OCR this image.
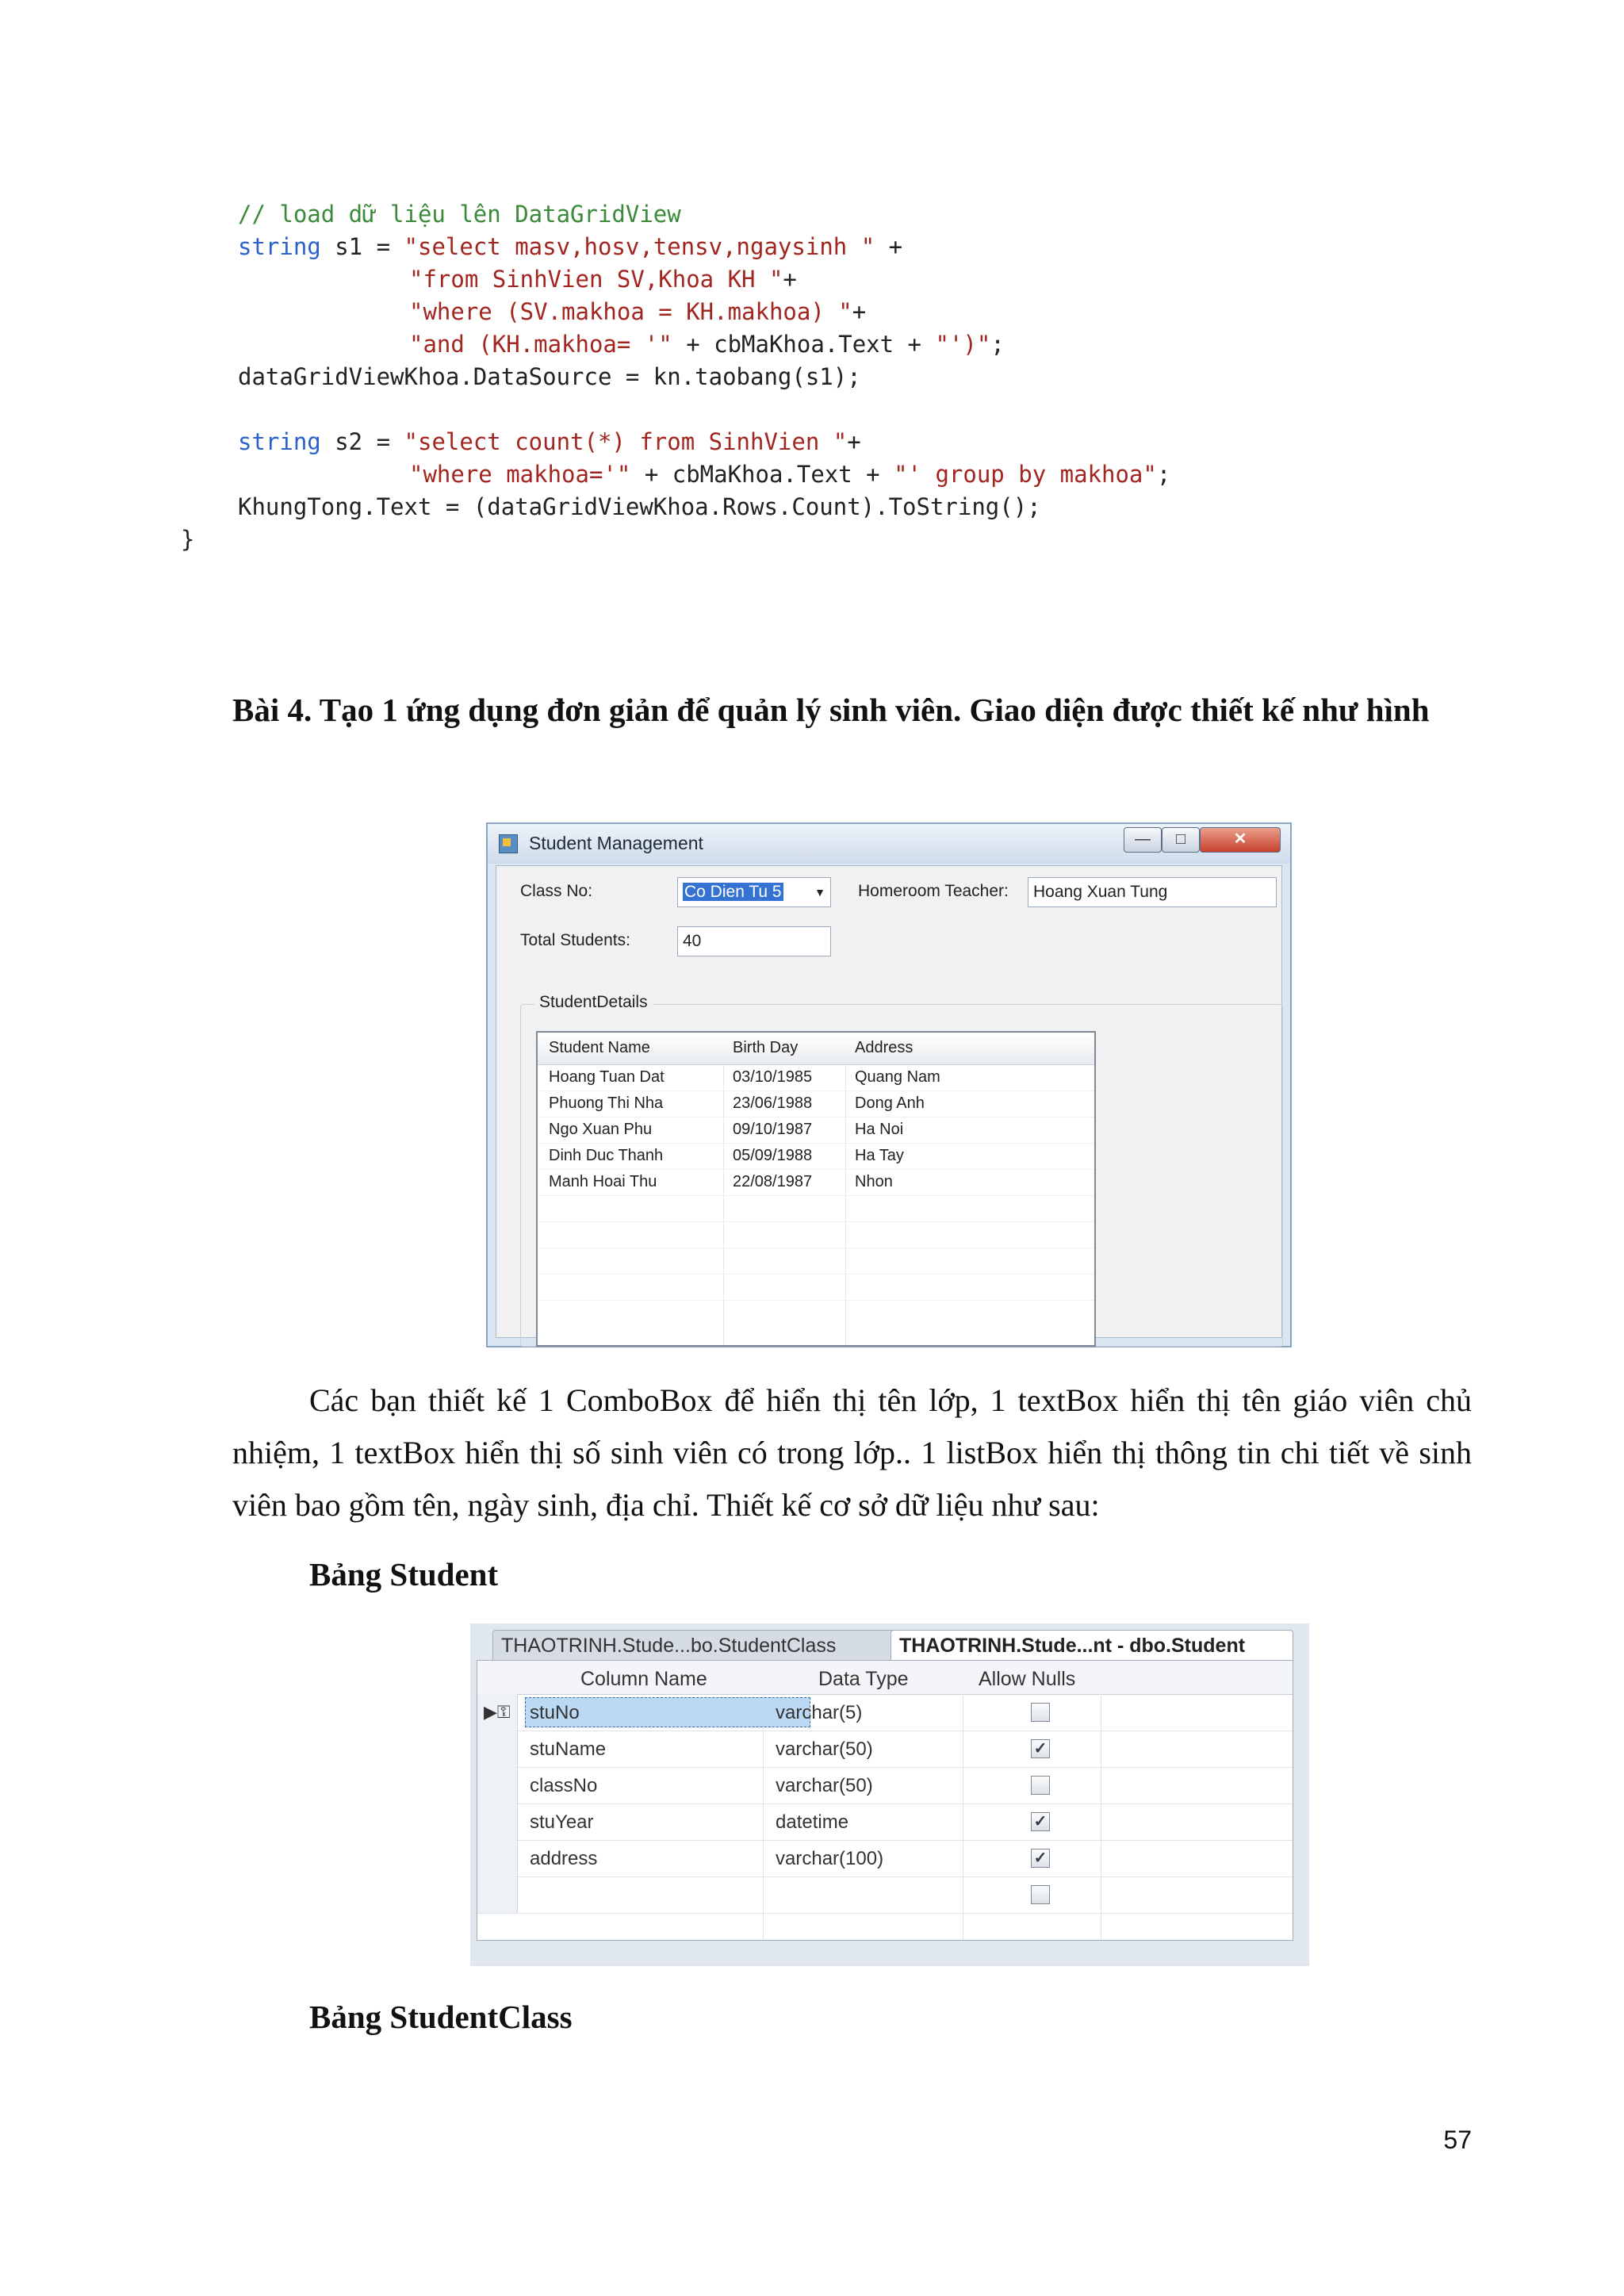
// load dữ liệu lên DataGridView
string s1 = "select masv,hosv,tensv,ngaysinh " +
"from SinhVien SV,Khoa KH "+
"where (SV.makhoa = KH.makhoa) "+
"and (KH.makhoa= '" + cbMaKhoa.Text + "')";
dataGridViewKhoa.DataSource = kn.taobang(s1);
string s2 = "select count(*) from SinhVien "+
"where makhoa='" + cbMaKhoa.Text + "' group by makhoa";
KhungTong.Text = (dataGridViewKhoa.Rows.Count).ToString();
}
Bài 4. Tạo 1 ứng dụng đơn giản để quản lý sinh viên. Giao diện được thiết kế như hình
Student Management	—	□	✕
Class No:	Co Dien Tu 5	▼ Homeroom Teacher:	Hoang Xuan Tung
Total Students:	40
StudentDetails
Student Name	Birth Day	Address
Hoang Tuan Dat	03/10/1985	Quang Nam
Phuong Thi Nha	23/06/1988	Dong Anh
Ngo Xuan Phu	09/10/1987	Ha Noi
Dinh Duc Thanh	05/09/1988	Ha Tay
Manh Hoai Thu	22/08/1987	Nhon
Các bạn thiết kế 1 ComboBox để hiển thị tên lớp, 1 textBox hiển thị tên giáo viên chủ nhiệm, 1 textBox hiển thị số sinh viên có trong lớp.. 1 listBox hiển thị thông tin chi tiết về sinh viên bao gồm tên, ngày sinh, địa chỉ. Thiết kế cơ sở dữ liệu như sau:
Bảng Student
THAOTRINH.Stude...bo.StudentClass	THAOTRINH.Stude...nt - dbo.Student
Column Name	Data Type	Allow Nulls
▶⚿ stuNo	varchar(5)
stuName	varchar(50)	✓
classNo	varchar(50)
stuYear	datetime	✓
address	varchar(100)	✓
Bảng StudentClass
57
